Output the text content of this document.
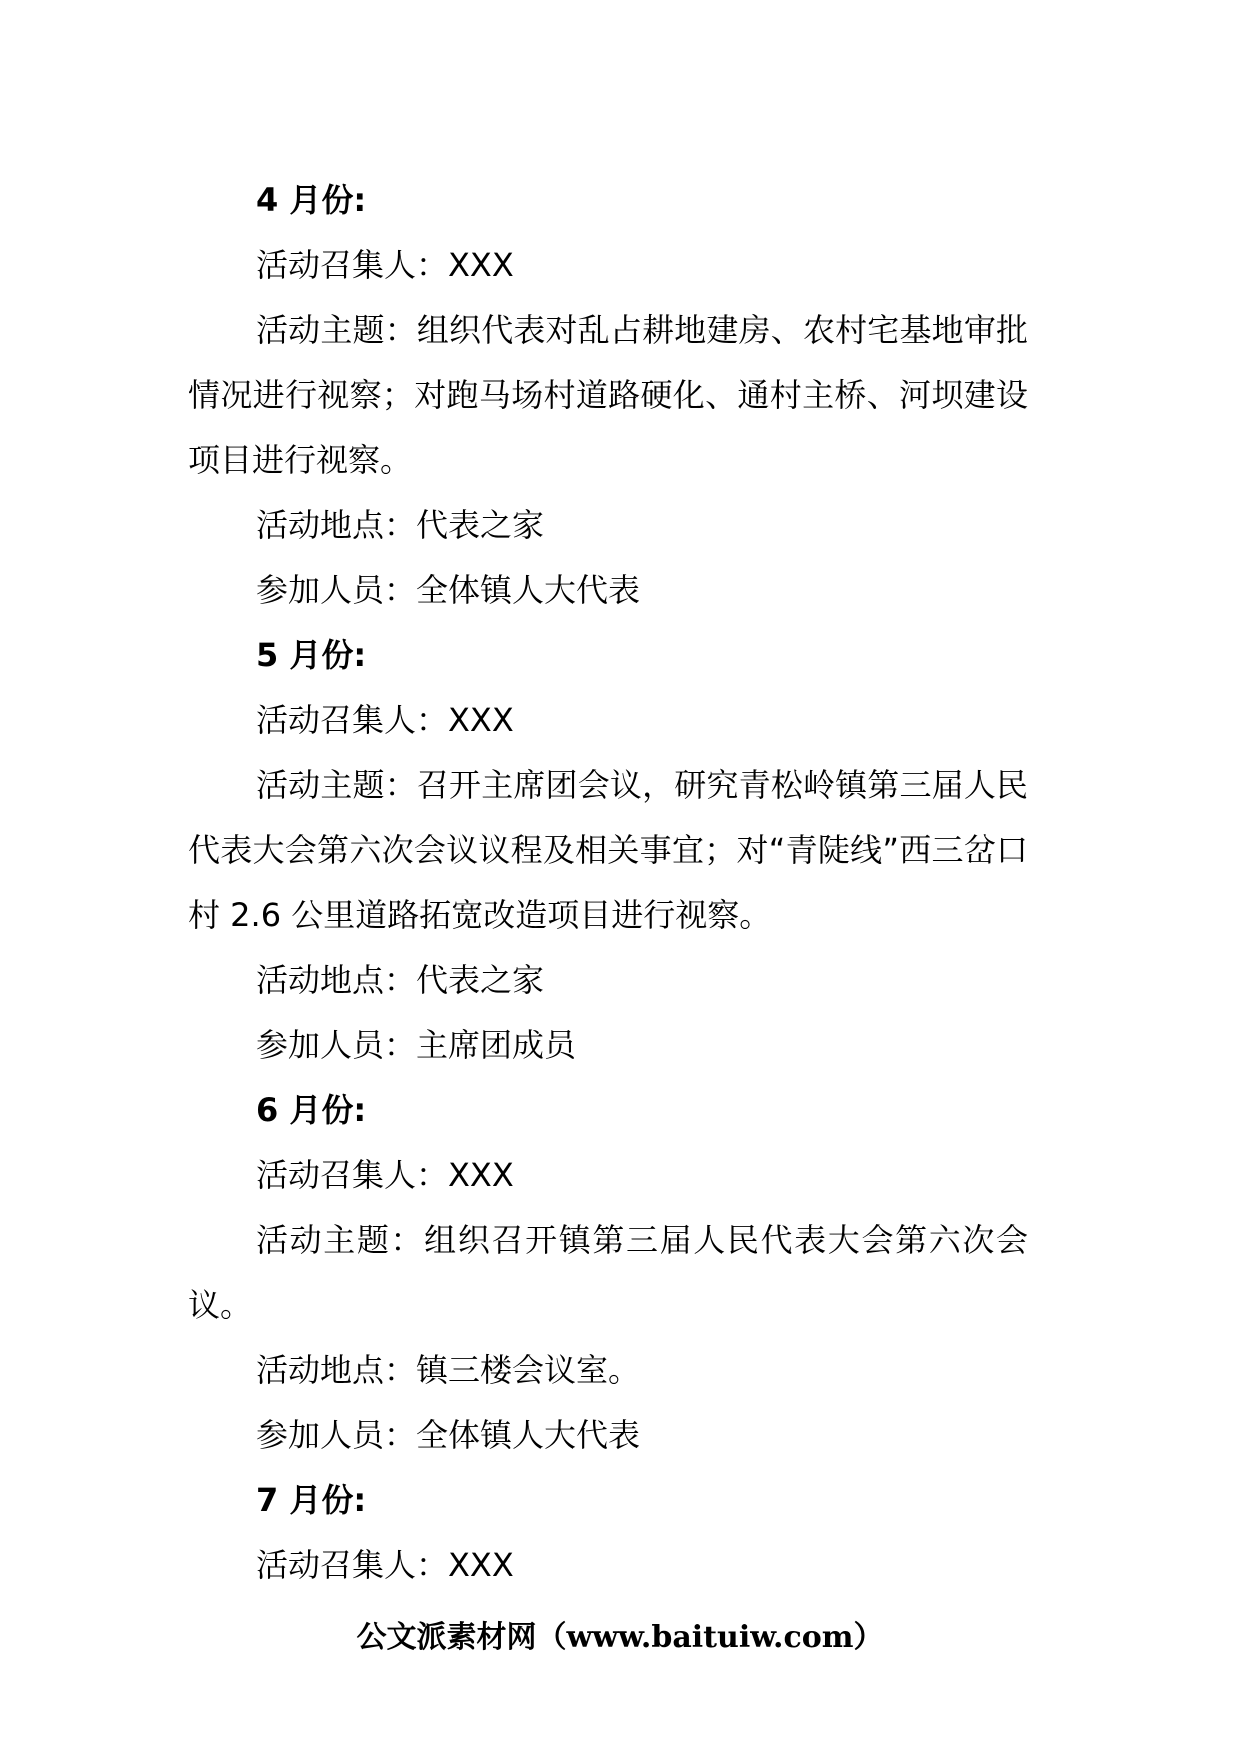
4 月份:

活动召集人：XXX

活动主题：组织代表对乱占耕地建房、农村宅基地审批情况进行视察；对跑马场村道路硬化、通村主桥、河坝建设项目进行视察。

活动地点：代表之家

参加人员：全体镇人大代表

5 月份:

活动召集人：XXX

活动主题：召开主席团会议，研究青松岭镇第三届人民代表大会第六次会议议程及相关事宜；对“青陡线”西三岔口村 2.6 公里道路拓宽改造项目进行视察。

活动地点：代表之家

参加人员：主席团成员

6 月份:

活动召集人：XXX

活动主题：组织召开镇第三届人民代表大会第六次会议。

活动地点：镇三楼会议室。

参加人员：全体镇人大代表

7 月份:

活动召集人：XXX

公文派素材网（www.baituiw.com）
